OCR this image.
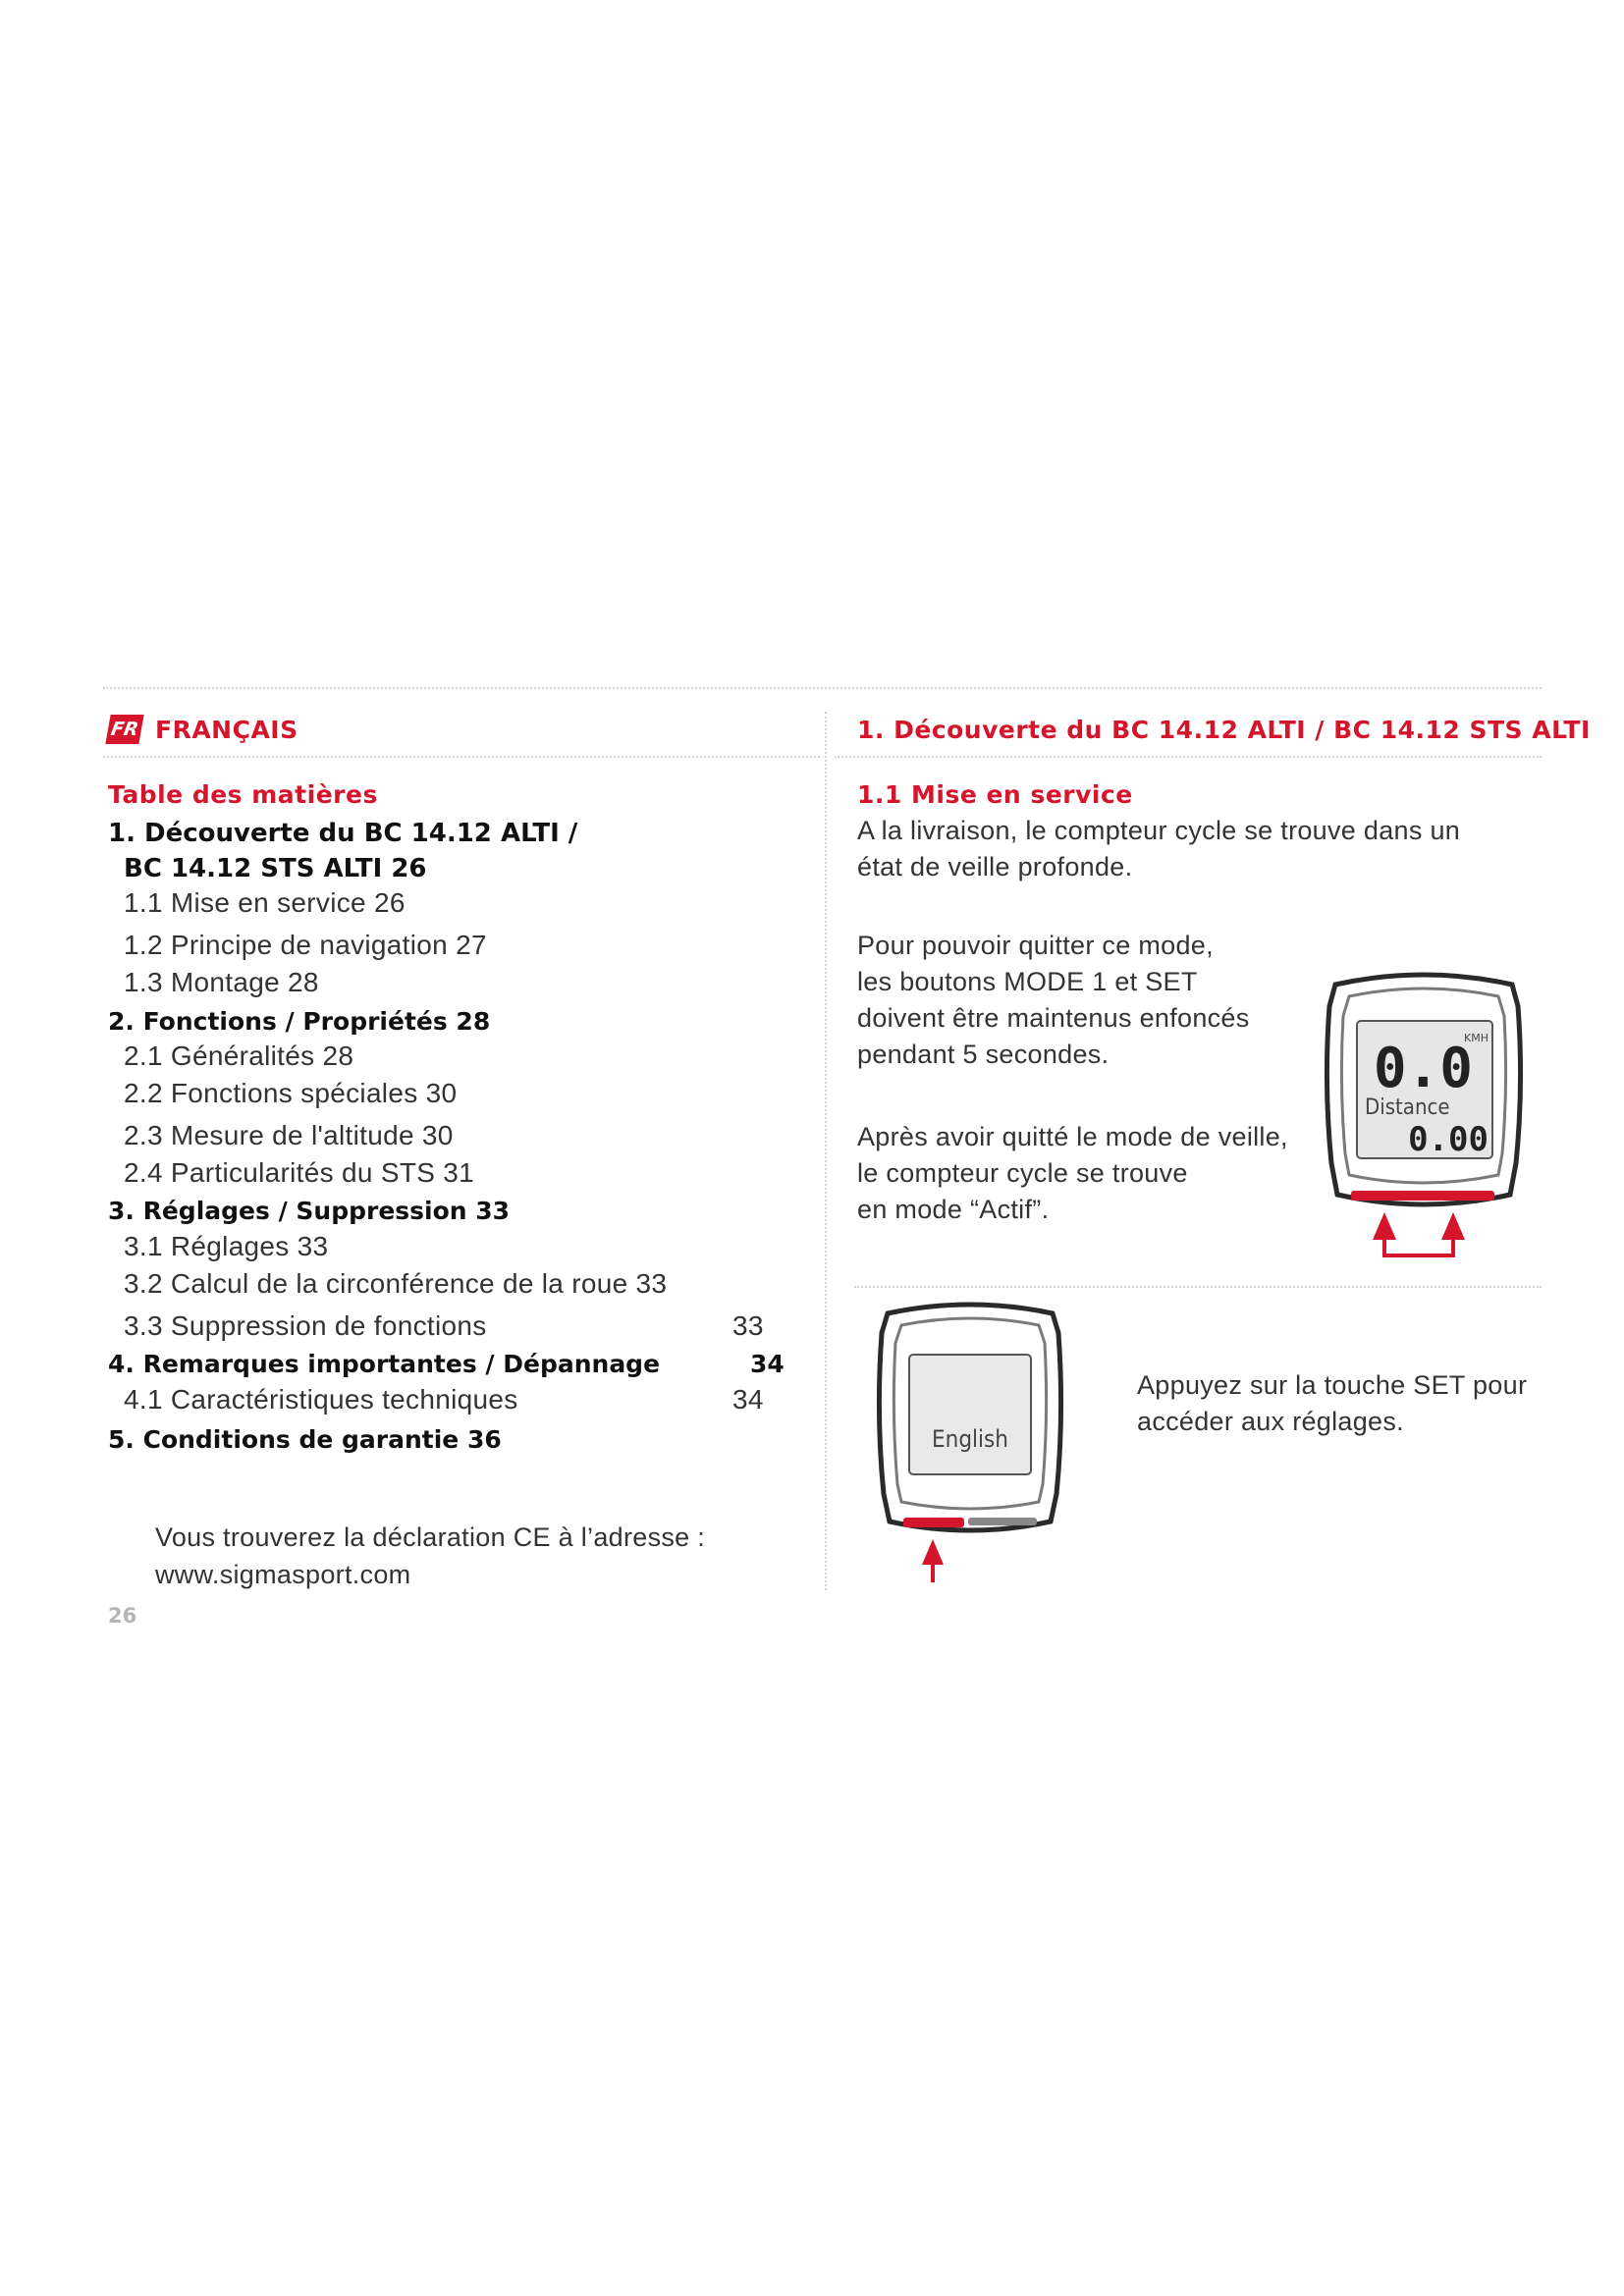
FR FRANÇAIS
Table des matières
1. Découverte du BC 14.12 ALTI /
BC 14.12 STS ALTI 26
1.1 Mise en service 26
1.2 Principe de navigation 27
1.3 Montage 28
2. Fonctions / Propriétés 28
2.1 Généralités 28
2.2 Fonctions spéciales 30
2.3 Mesure de l'altitude 30
2.4 Particularités du STS 31
3. Réglages / Suppression 33
3.1 Réglages 33
3.2 Calcul de la circonférence de la roue 33
3.3 Suppression de fonctions	33
4. Remarques importantes / Dépannage	34
4.1 Caractéristiques techniques	34
5. Conditions de garantie 36
Vous trouverez la déclaration CE à l’adresse :
www.sigmasport.com
26
1. Découverte du BC 14.12 ALTI / BC 14.12 STS ALTI
1.1 Mise en service
A la livraison, le compteur cycle se trouve dans un
état de veille profonde.
Pour pouvoir quitter ce mode,
les boutons MODE 1 et SET
doivent être maintenus enfoncés
pendant 5 secondes.
Après avoir quitté le mode de veille,
le compteur cycle se trouve
en mode “Actif”.
Appuyez sur la touche SET pour
accéder aux réglages.
0.0
KMH
Distance
0.00
English
